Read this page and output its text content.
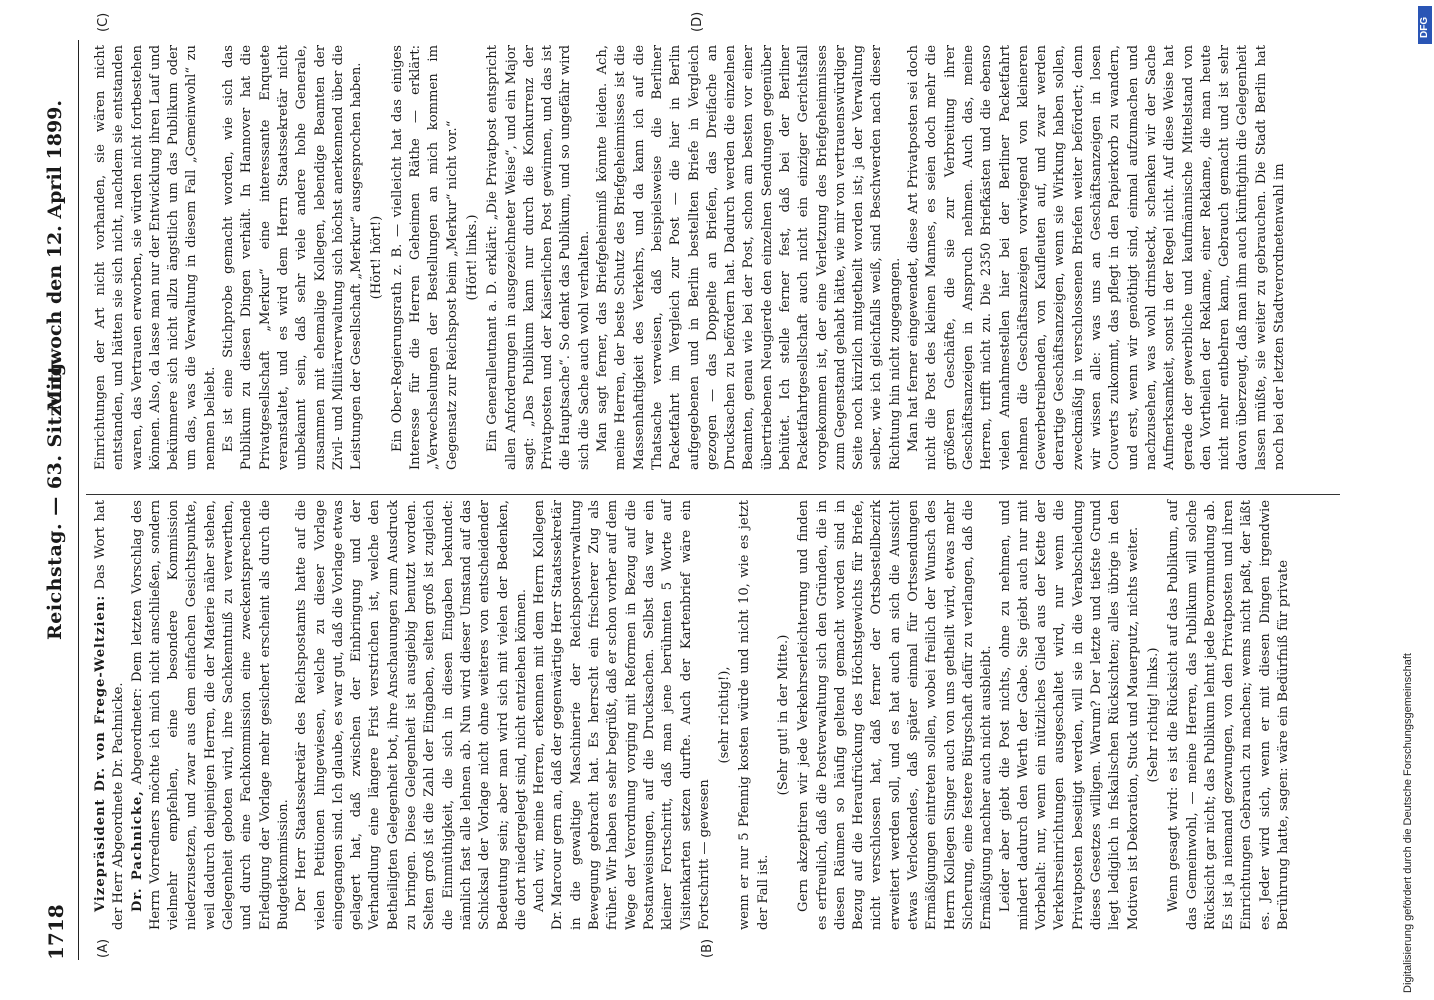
1718
Reichstag. — 63. Sitzung.
Mittwoch den 12. April 1899.
(A)	(B)
(C)	(D)

Vizepräsident Dr. von Frege-Weltzien: Das Wort hat der Herr Abgeordnete Dr. Pachnicke. Dr. Pachnicke, Abgeordneter: Dem letzten Vorschlag des Herrn Vorredners möchte ich mich nicht anschließen, sondern vielmehr empfehlen, eine besondere Kommission niederzusetzen, und zwar aus dem einfachen Gesichtspunkte, weil dadurch denjenigen Herren, die der Materie näher stehen, Gelegenheit geboten wird, ihre Sachkenntniß zu verwerthen, und durch eine Fachkommission eine zweckentsprechende Erledigung der Vorlage mehr gesichert erscheint als durch die Budgetkommission. Der Herr Staatssekretär des Reichspostamts hatte auf die vielen Petitionen hingewiesen, welche zu dieser Vorlage eingegangen sind. Ich glaube, es war gut, daß die Vorlage etwas gelagert hat, daß zwischen der Einbringung und der Verhandlung eine längere Frist verstrichen ist, welche den Betheiligten Gelegenheit bot, ihre Anschauungen zum Ausdruck zu bringen. Diese Gelegenheit ist ausgiebig benutzt worden. Selten groß ist die Zahl der Eingaben, selten groß ist zugleich die Einmüthigkeit, die sich in diesen Eingaben bekundet: nämlich fast alle lehnen ab. Nun wird dieser Umstand auf das Schicksal der Vorlage nicht ohne weiteres von entscheidender Bedeutung sein; aber man wird sich mit vielen der Bedenken, die dort niedergelegt sind, nicht entziehen können. Auch wir, meine Herren, erkennen mit dem Herrn Kollegen Dr. Marcour gern an, daß der gegenwärtige Herr Staatssekretär in die gewaltige Maschinerie der Reichspostverwaltung Bewegung gebracht hat. Es herrscht ein frischerer Zug als früher. Wir haben es sehr begrüßt, daß er schon vorher auf dem Wege der Verordnung vorging mit Reformen in Bezug auf die Postanweisungen, auf die Drucksachen. Selbst das war ein kleiner Fortschritt, daß man jene berühmten 5 Worte auf Visitenkarten setzen durfte. Auch der Kartenbrief wäre ein Fortschritt — gewesen

(sehr richtig!), wenn er nur 5 Pfennig kosten würde und nicht 10, wie es jetzt der Fall ist.

(Sehr gut! in der Mitte.) Gern akzeptiren wir jede Verkehrserleichterung und finden es erfreulich, daß die Postverwaltung sich den Gründen, die in diesen Räumen so häufig geltend gemacht worden sind in Bezug auf die Heraufrückung des Höchstgewichts für Briefe, nicht verschlossen hat, daß ferner der Ortsbestellbezirk erweitert werden soll, und es hat auch an sich die Aussicht etwas Verlockendes, daß später einmal für Ortssendungen Ermäßigungen eintreten sollen, wobei freilich der Wunsch des Herrn Kollegen Singer auch von uns getheilt wird, etwas mehr Sicherung, eine festere Bürgschaft dafür zu verlangen, daß die Ermäßigung nachher auch nicht ausbleibt. Leider aber giebt die Post nichts, ohne zu nehmen, und mindert dadurch den Werth der Gabe. Sie giebt auch nur mit Vorbehalt: nur, wenn ein nützliches Glied aus der Kette der Verkehrseinrichtungen ausgeschaltet wird, nur wenn die Privatposten beseitigt werden, will sie in die Verabschiedung dieses Gesetzes willigen. Warum? Der letzte und tiefste Grund liegt lediglich in fiskalischen Rücksichten; alles übrige in den Motiven ist Dekoration, Stuck und Mauerputz, nichts weiter. (Sehr richtig! links.) Wenn gesagt wird: es ist die Rücksicht auf das Publikum, auf das Gemeinwohl, — meine Herren, das Publikum will solche Rücksicht gar nicht; das Publikum lehnt jede Bevormundung ab. Es ist ja niemand gezwungen, von den Privatposten und ihren Einrichtungen Gebrauch zu machen; wems nicht paßt, der läßt es. Jeder wird sich, wenn er mit diesen Dingen irgendwie Berührung hatte, sagen: wäre ein Bedürfniß für private

Einrichtungen der Art nicht vorhanden, sie wären nicht entstanden, und hätten sie sich nicht, nachdem sie entstanden waren, das Vertrauen erworben, sie würden nicht fortbestehen können. Also, da lasse man nur der Entwicklung ihren Lauf und bekümmere sich nicht allzu ängstlich um das Publikum oder um das, was die Verwaltung in diesem Fall „Gemeinwohl“ zu nennen beliebt. Es ist eine Stichprobe gemacht worden, wie sich das Publikum zu diesen Dingen verhält. In Hannover hat die Privatgesellschaft „Merkur“ eine interessante Enquete veranstaltet, und es wird dem Herrn Staatssekretär nicht unbekannt sein, daß sehr viele andere hohe Generale, zusammen mit ehemalige Kollegen, lebendige Beamten der Zivil- und Militärverwaltung sich höchst anerkennend über die Leistungen der Gesellschaft „Merkur“ ausgesprochen haben. (Hört! hört!) Ein Ober-Regierungsrath z. B. — vielleicht hat das einiges Interesse für die Herren Geheimen Räthe — erklärt: „Verwechselungen der Bestellungen an mich kommen im Gegensatz zur Reichspost beim „Merkur“ nicht vor.“ (Hört! links.) Ein Generalleutnant a. D. erklärt: „Die Privatpost entspricht allen Anforderungen in ausgezeichneter Weise“, und ein Major sagt: „Das Publikum kann nur durch die Konkurrenz der Privatposten und der Kaiserlichen Post gewinnen, und das ist die Hauptsache“. So denkt das Publikum, und so ungefähr wird sich die Sache auch wohl verhalten. Man sagt ferner, das Briefgeheimniß könnte leiden. Ach, meine Herren, der beste Schutz des Briefgeheimnisses ist die Massenhaftigkeit des Verkehrs, und da kann ich auf die Thatsache verweisen, daß beispielsweise die Berliner Packetfahrt im Vergleich zur Post — die hier in Berlin aufgegebenen und in Berlin bestellten Briefe in Vergleich gezogen — das Doppelte an Briefen, das Dreifache an Drucksachen zu befördern hat. Dadurch werden die einzelnen Beamten, genau wie bei der Post, schon am besten vor einer übertriebenen Neugierde den einzelnen Sendungen gegenüber behütet. Ich stelle ferner fest, daß bei der Berliner Packetfahrtgesellschaft auch nicht ein einziger Gerichtsfall vorgekommen ist, der eine Verletzung des Briefgeheimnisses zum Gegenstand gehabt hätte, wie mir von vertrauenswürdiger Seite noch kürzlich mitgetheilt worden ist; ja der Verwaltung selber, wie ich gleichfalls weiß, sind Beschwerden nach dieser Richtung hin nicht zugegangen. Man hat ferner eingewendet, diese Art Privatposten sei doch nicht die Post des kleinen Mannes, es seien doch mehr die größeren Geschäfte, die sie zur Verbreitung ihrer Geschäftsanzeigen in Anspruch nehmen. Auch das, meine Herren, trifft nicht zu. Die 2350 Briefkästen und die ebenso vielen Annahmestellen hier bei der Berliner Packetfahrt nehmen die Geschäftsanzeigen vorwiegend von kleineren Gewerbetreibenden, von Kaufleuten auf, und zwar werden derartige Geschäftsanzeigen, wenn sie Wirkung haben sollen, zweckmäßig in verschlossenen Briefen weiter befördert; denn wir wissen alle: was uns an Geschäftsanzeigen in losen Couverts zukommt, das pflegt in den Papierkorb zu wandern, und erst, wenn wir genöthigt sind, einmal aufzumachen und nachzusehen, was wohl drinsteckt, schenken wir der Sache Aufmerksamkeit, sonst in der Regel nicht. Auf diese Weise hat gerade der gewerbliche und kaufmännische Mittelstand von den Vortheilen der Reklame, einer Reklame, die man heute nicht mehr entbehren kann, Gebrauch gemacht und ist sehr davon überzeugt, daß man ihm auch künftighin die Gelegenheit lassen müßte, sie weiter zu gebrauchen. Die Stadt Berlin hat noch bei der letzten Stadtverordnetenwahl im

Digitalisierung gefördert durch die Deutsche Forschungsgemeinschaft
DFG
